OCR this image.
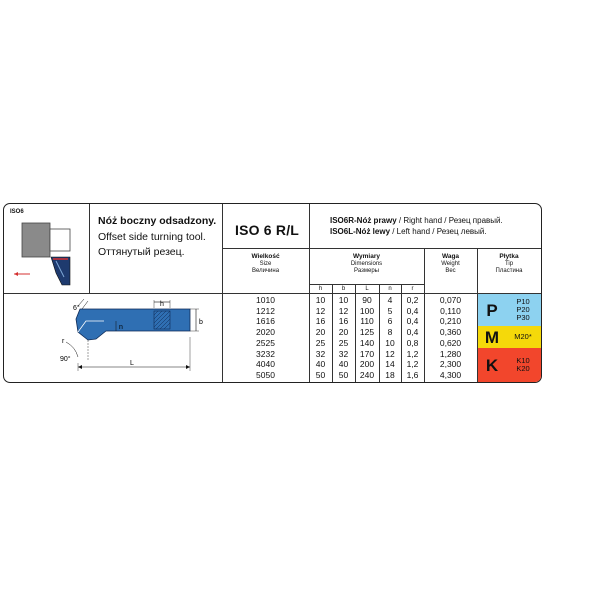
ISO6
Nóż boczny odsadzony.
Offset side turning tool.
Оттянутый резец.
ISO 6 R/L
ISO6R-Nóż prawy / Right hand / Резец правый.
ISO6L-Nóż lewy / Left hand / Резец левый.
Wielkość
Size
Величина
Wymiary
Dimensions
Размеры
Waga
Weight
Вес
Płytka
Tip
Пластина
h	b	L	n	r
6°
h
n
b
r
90°
L
1010	10	10	90	4	0,2	0,070
1212	12	12	100	5	0,4	0,110
1616	16	16	110	6	0,4	0,210
2020	20	20	125	8	0,4	0,360
2525	25	25	140	10	0,8	0,620
3232	32	32	170	12	1,2	1,280
4040	40	40	200	14	1,2	2,300
5050	50	50	240	18	1,6	4,300
P	P10
P20
P30
M	M20*
K	K10
K20
